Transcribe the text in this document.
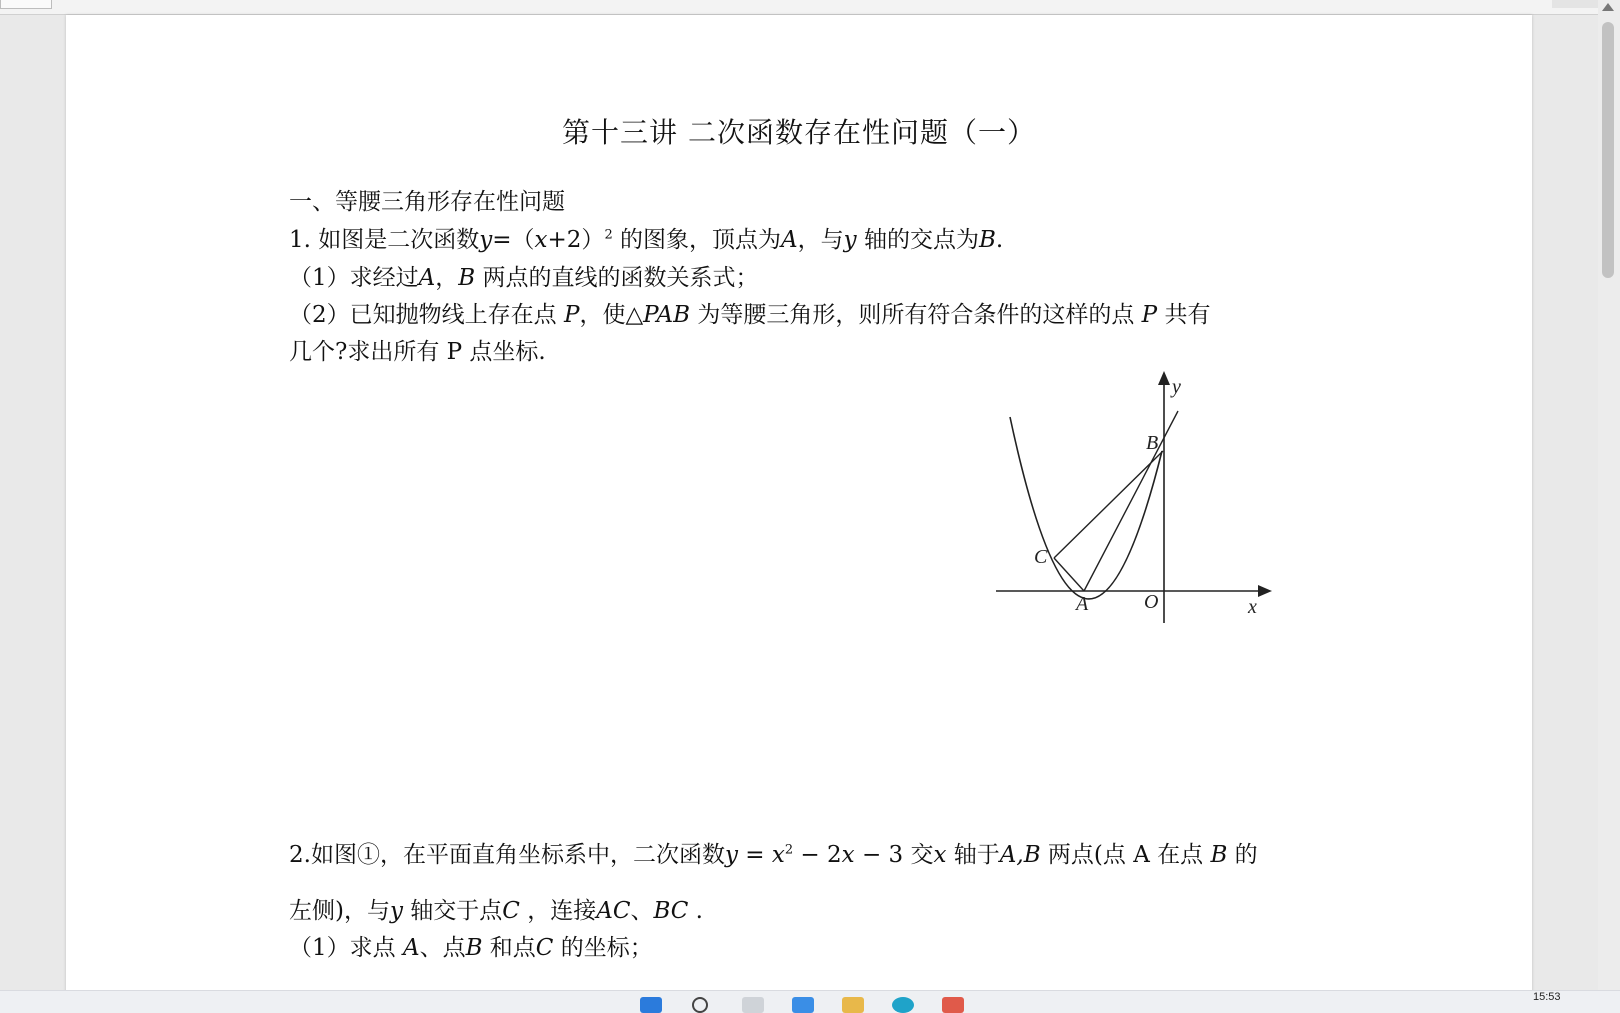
第十三讲 二次函数存在性问题（一）
一、等腰三角形存在性问题
1. 如图是二次函数$y=(x+2)^2$ 的图象，顶点为A，与y 轴的交点为B.
（1）求经过A，B 两点的直线的函数关系式；
（2）已知抛物线上存在点 P，使△PAB 为等腰三角形，则所有符合条件的这样的点 P 共有
几个?求出所有 P 点坐标.
y
B
C
A	O	x
2.如图①，在平面直角坐标系中，二次函数$y = x^2 - 2x - 3$ 交x 轴于A,B 两点(点 A 在点 B 的
左侧)，与y 轴交于点C ，连接AC、BC .
（1）求点 A、点B 和点C 的坐标；
15:53
